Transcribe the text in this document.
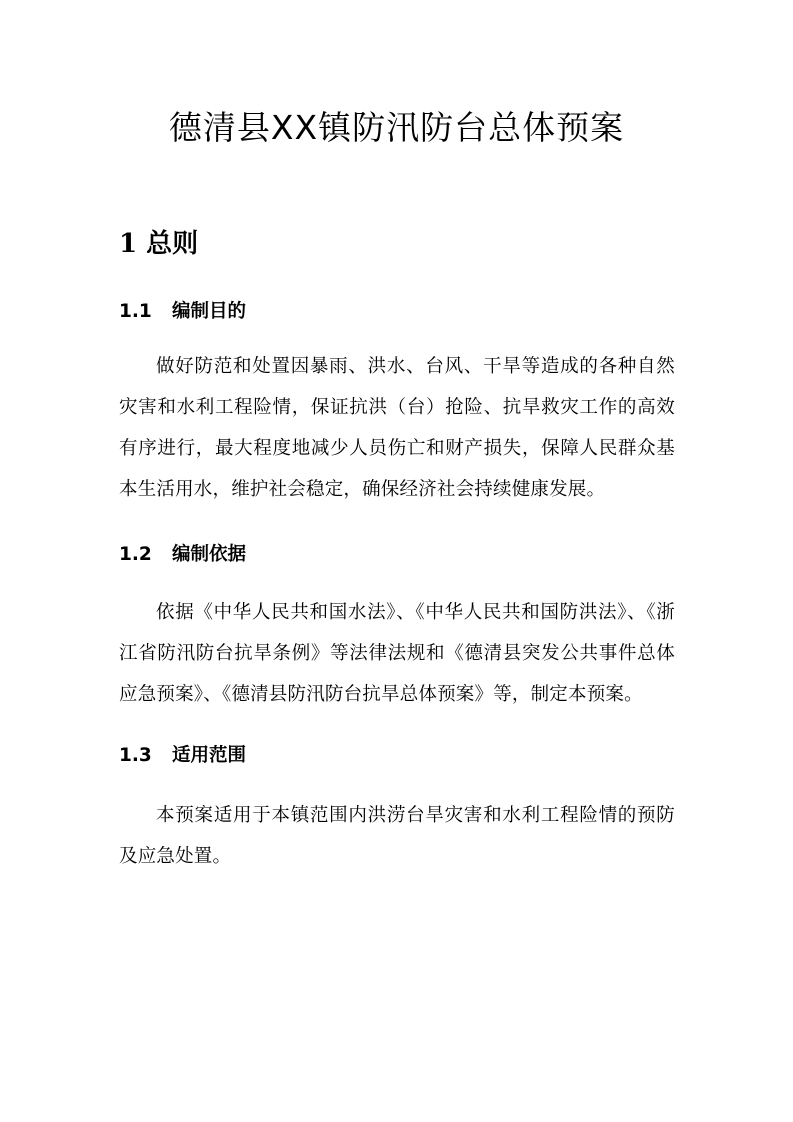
德清县XX镇防汛防台总体预案
1 总则
1.1 编制目的

做好防范和处置因暴雨、洪水、台风、干旱等造成的各种自然灾害和水利工程险情，保证抗洪（台）抢险、抗旱救灾工作的高效有序进行，最大程度地减少人员伤亡和财产损失，保障人民群众基本生活用水，维护社会稳定，确保经济社会持续健康发展。

1.2 编制依据

依据《中华人民共和国水法》、《中华人民共和国防洪法》、《浙江省防汛防台抗旱条例》等法律法规和《德清县突发公共事件总体应急预案》、《德清县防汛防台抗旱总体预案》等，制定本预案。

1.3 适用范围

本预案适用于本镇范围内洪涝台旱灾害和水利工程险情的预防及应急处置。
